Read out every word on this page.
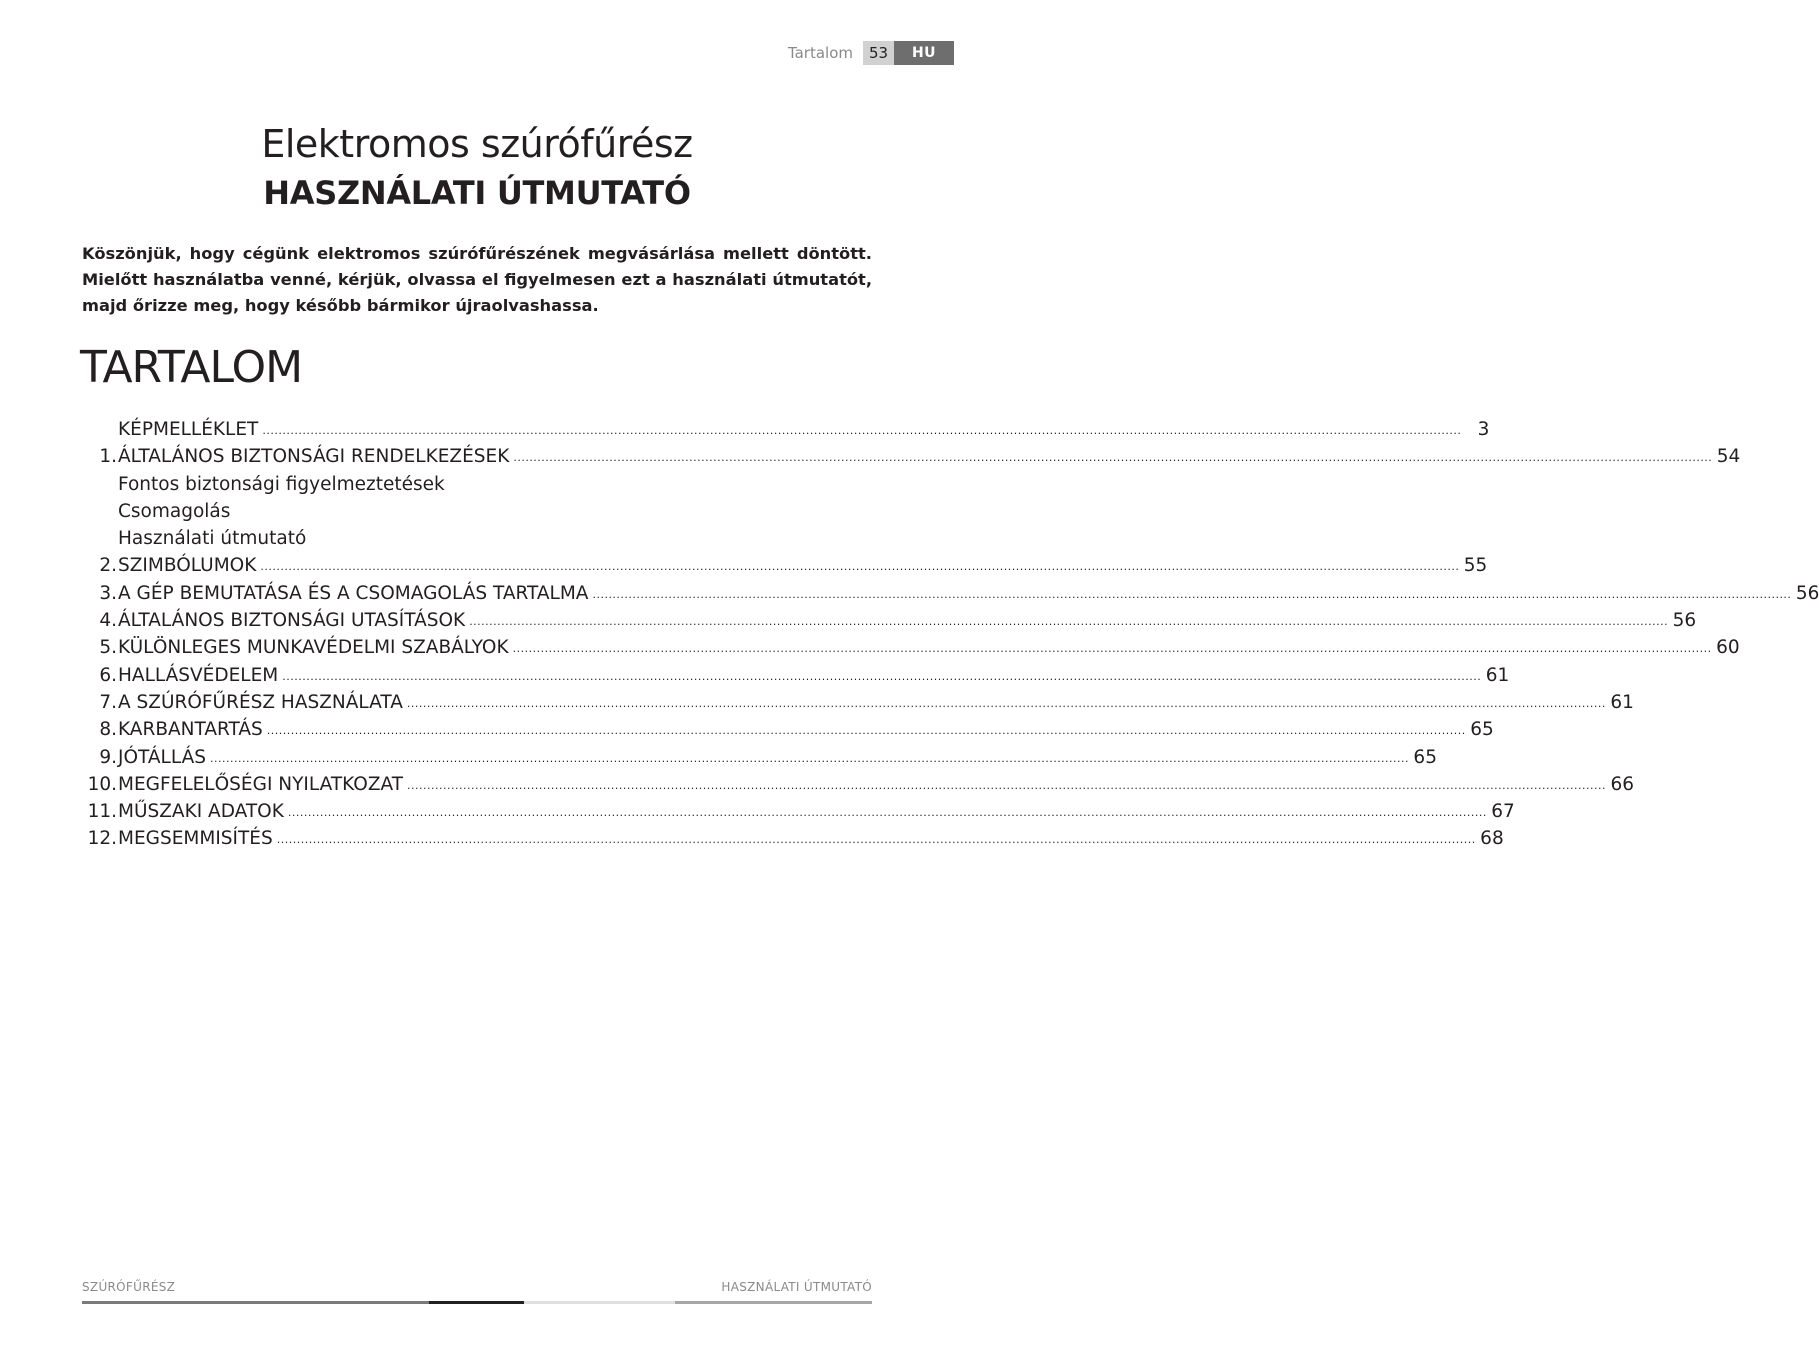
Tartalom	53	HU
Elektromos szúrófűrész
HASZNÁLATI ÚTMUTATÓ
Köszönjük, hogy cégünk elektromos szúrófűrészének megvásárlása mellett döntött. Mielőtt használatba venné, kérjük, olvassa el figyelmesen ezt a használati útmutatót, majd őrizze meg, hogy később bármikor újraolvashassa.
TARTALOM
KÉPMELLÉKLET ............................................................................................................................................................................................................................................................................................................ 3
1. ÁLTALÁNOS BIZTONSÁGI RENDELKEZÉSEK ............................................................................................................................................................................................................................................................................................................ 54
Fontos biztonsági figyelmeztetések
Csomagolás
Használati útmutató
2. SZIMBÓLUMOK ............................................................................................................................................................................................................................................................................................................ 55
3. A GÉP BEMUTATÁSA ÉS A CSOMAGOLÁS TARTALMA ............................................................................................................................................................................................................................................................................................................ 56
4. ÁLTALÁNOS BIZTONSÁGI UTASÍTÁSOK ............................................................................................................................................................................................................................................................................................................ 56
5. KÜLÖNLEGES MUNKAVÉDELMI SZABÁLYOK ............................................................................................................................................................................................................................................................................................................ 60
6. HALLÁSVÉDELEM ............................................................................................................................................................................................................................................................................................................ 61
7. A SZÚRÓFŰRÉSZ HASZNÁLATA ............................................................................................................................................................................................................................................................................................................ 61
8. KARBANTARTÁS ............................................................................................................................................................................................................................................................................................................ 65
9. JÓTÁLLÁS ............................................................................................................................................................................................................................................................................................................ 65
10. MEGFELELŐSÉGI NYILATKOZAT ............................................................................................................................................................................................................................................................................................................ 66
11. MŰSZAKI ADATOK ............................................................................................................................................................................................................................................................................................................ 67
12. MEGSEMMISÍTÉS ............................................................................................................................................................................................................................................................................................................ 68
SZÚRÓFŰRÉSZ	HASZNÁLATI ÚTMUTATÓ
